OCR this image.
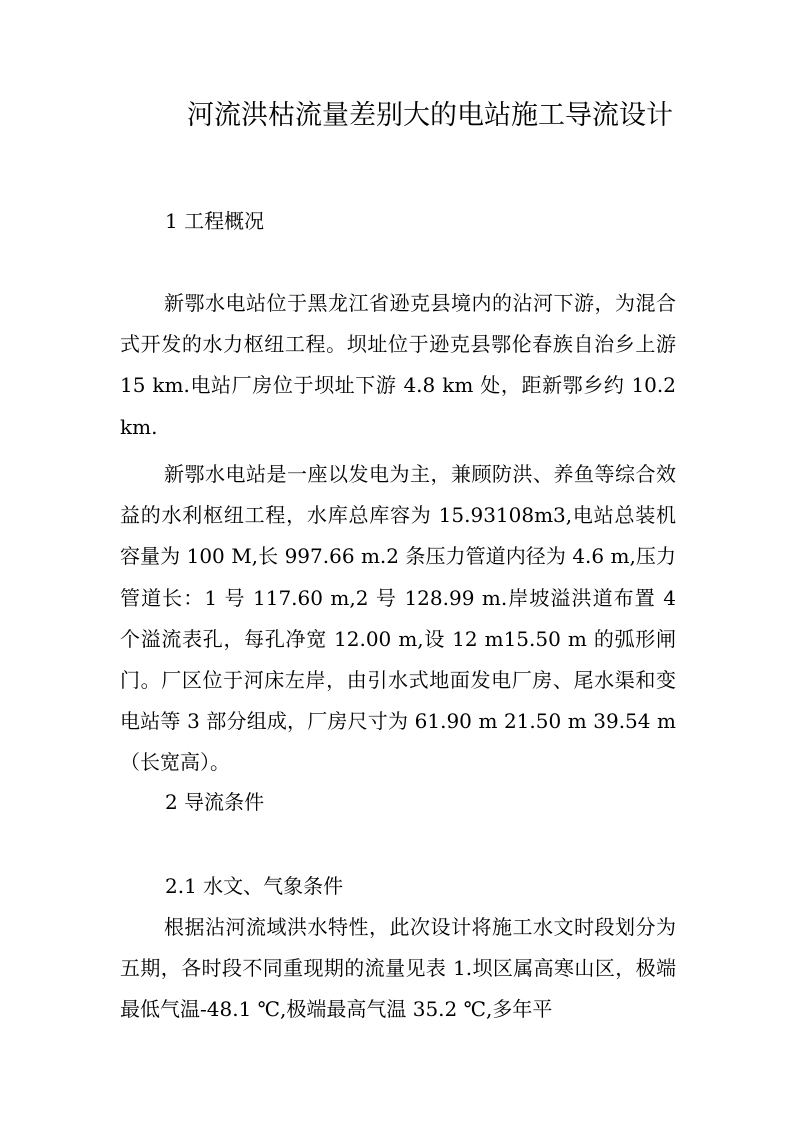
河流洪枯流量差别大的电站施工导流设计
1 工程概况

新鄂水电站位于黑龙江省逊克县境内的沾河下游，为混合式开发的水力枢纽工程。坝址位于逊克县鄂伦春族自治乡上游 15 km.电站厂房位于坝址下游 4.8 km 处，距新鄂乡约 10.2 km.

新鄂水电站是一座以发电为主，兼顾防洪、养鱼等综合效益的水利枢纽工程，水库总库容为 15.93108m3,电站总装机容量为 100 M,长 997.66 m.2 条压力管道内径为 4.6 m,压力管道长：1 号 117.60 m,2 号 128.99 m.岸坡溢洪道布置 4 个溢流表孔，每孔净宽 12.00 m,设 12 m15.50 m 的弧形闸门。厂区位于河床左岸，由引水式地面发电厂房、尾水渠和变电站等 3 部分组成，厂房尺寸为 61.90 m 21.50 m 39.54 m（长宽高）。

2 导流条件
2.1 水文、气象条件

根据沾河流域洪水特性，此次设计将施工水文时段划分为五期，各时段不同重现期的流量见表 1.坝区属高寒山区，极端最低气温-48.1 ℃,极端最高气温 35.2 ℃,多年平
